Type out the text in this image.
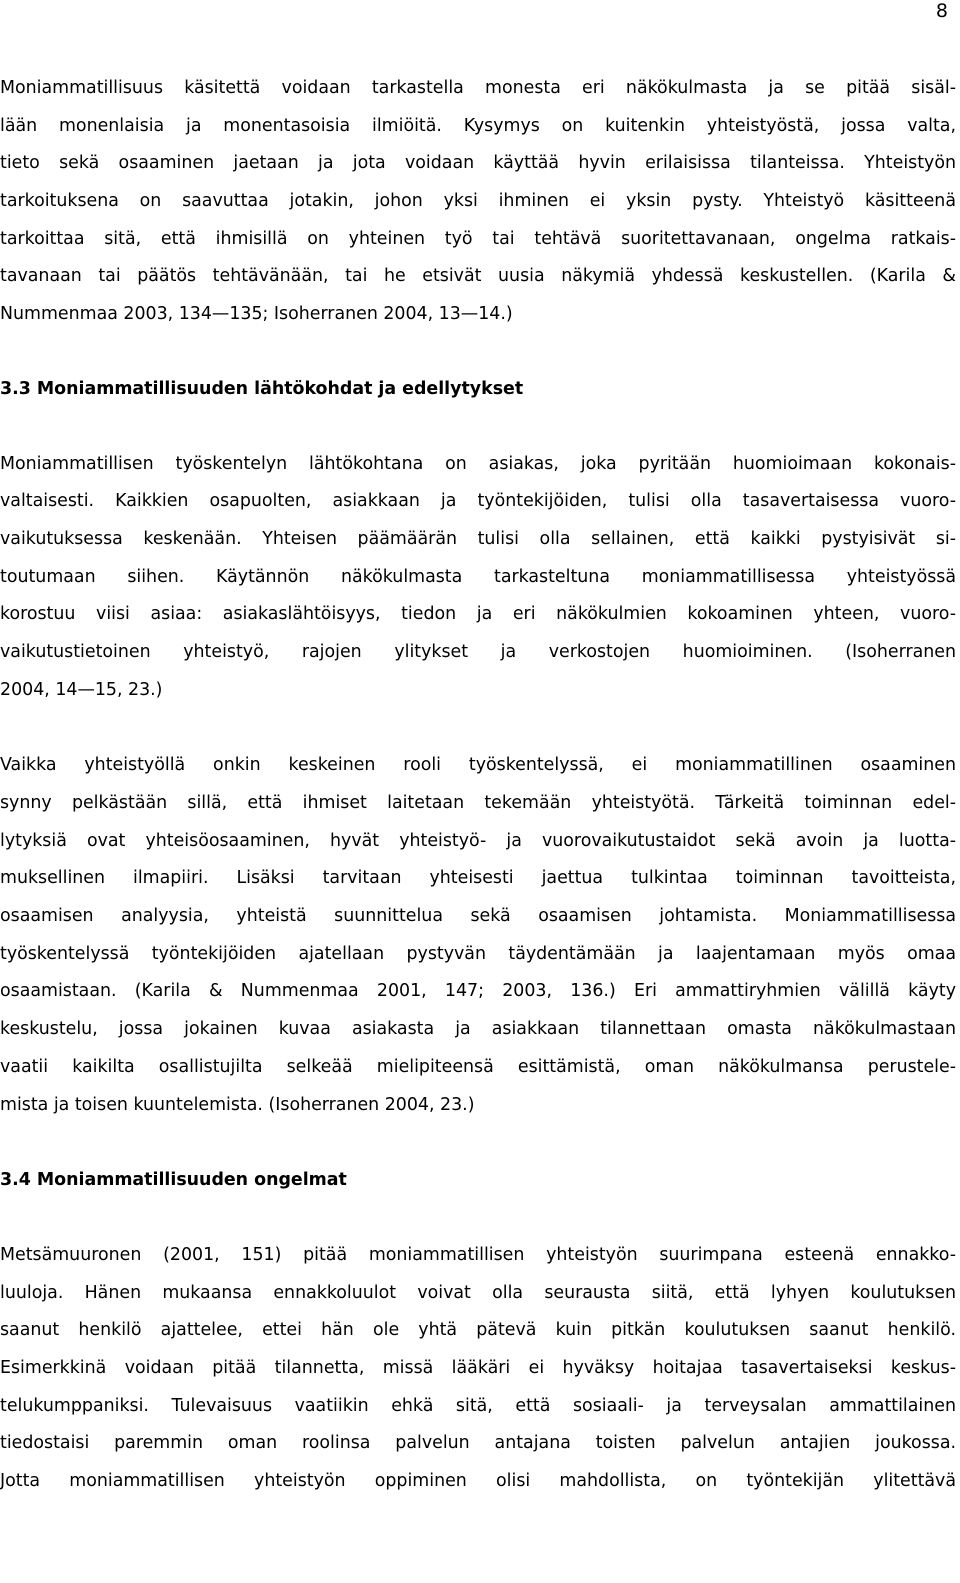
8
Moniammatillisuus käsitettä voidaan tarkastella monesta eri näkökulmasta ja se pitää sisäl-
lään monenlaisia ja monentasoisia ilmiöitä. Kysymys on kuitenkin yhteistyöstä, jossa valta,
tieto sekä osaaminen jaetaan ja jota voidaan käyttää hyvin erilaisissa tilanteissa. Yhteistyön
tarkoituksena on saavuttaa jotakin, johon yksi ihminen ei yksin pysty. Yhteistyö käsitteenä
tarkoittaa sitä, että ihmisillä on yhteinen työ tai tehtävä suoritettavanaan, ongelma ratkais-
tavanaan tai päätös tehtävänään, tai he etsivät uusia näkymiä yhdessä keskustellen. (Karila &
Nummenmaa 2003, 134—135; Isoherranen 2004, 13—14.)
3.3 Moniammatillisuuden lähtökohdat ja edellytykset
Moniammatillisen työskentelyn lähtökohtana on asiakas, joka pyritään huomioimaan kokonais-
valtaisesti. Kaikkien osapuolten, asiakkaan ja työntekijöiden, tulisi olla tasavertaisessa vuoro-
vaikutuksessa keskenään. Yhteisen päämäärän tulisi olla sellainen, että kaikki pystyisivät si-
toutumaan siihen. Käytännön näkökulmasta tarkasteltuna moniammatillisessa yhteistyössä
korostuu viisi asiaa: asiakaslähtöisyys, tiedon ja eri näkökulmien kokoaminen yhteen, vuoro-
vaikutustietoinen yhteistyö, rajojen ylitykset ja verkostojen huomioiminen. (Isoherranen
2004, 14—15, 23.)
Vaikka yhteistyöllä onkin keskeinen rooli työskentelyssä, ei moniammatillinen osaaminen
synny pelkästään sillä, että ihmiset laitetaan tekemään yhteistyötä. Tärkeitä toiminnan edel-
lytyksiä ovat yhteisöosaaminen, hyvät yhteistyö- ja vuorovaikutustaidot sekä avoin ja luotta-
muksellinen ilmapiiri. Lisäksi tarvitaan yhteisesti jaettua tulkintaa toiminnan tavoitteista,
osaamisen analyysia, yhteistä suunnittelua sekä osaamisen johtamista. Moniammatillisessa
työskentelyssä työntekijöiden ajatellaan pystyvän täydentämään ja laajentamaan myös omaa
osaamistaan. (Karila & Nummenmaa 2001, 147; 2003, 136.) Eri ammattiryhmien välillä käyty
keskustelu, jossa jokainen kuvaa asiakasta ja asiakkaan tilannettaan omasta näkökulmastaan
vaatii kaikilta osallistujilta selkeää mielipiteensä esittämistä, oman näkökulmansa perustele-
mista ja toisen kuuntelemista. (Isoherranen 2004, 23.)
3.4 Moniammatillisuuden ongelmat
Metsämuuronen (2001, 151) pitää moniammatillisen yhteistyön suurimpana esteenä ennakko-
luuloja. Hänen mukaansa ennakkoluulot voivat olla seurausta siitä, että lyhyen koulutuksen
saanut henkilö ajattelee, ettei hän ole yhtä pätevä kuin pitkän koulutuksen saanut henkilö.
Esimerkkinä voidaan pitää tilannetta, missä lääkäri ei hyväksy hoitajaa tasavertaiseksi keskus-
telukumppaniksi. Tulevaisuus vaatiikin ehkä sitä, että sosiaali- ja terveysalan ammattilainen
tiedostaisi paremmin oman roolinsa palvelun antajana toisten palvelun antajien joukossa.
Jotta moniammatillisen yhteistyön oppiminen olisi mahdollista, on työntekijän ylitettävä
